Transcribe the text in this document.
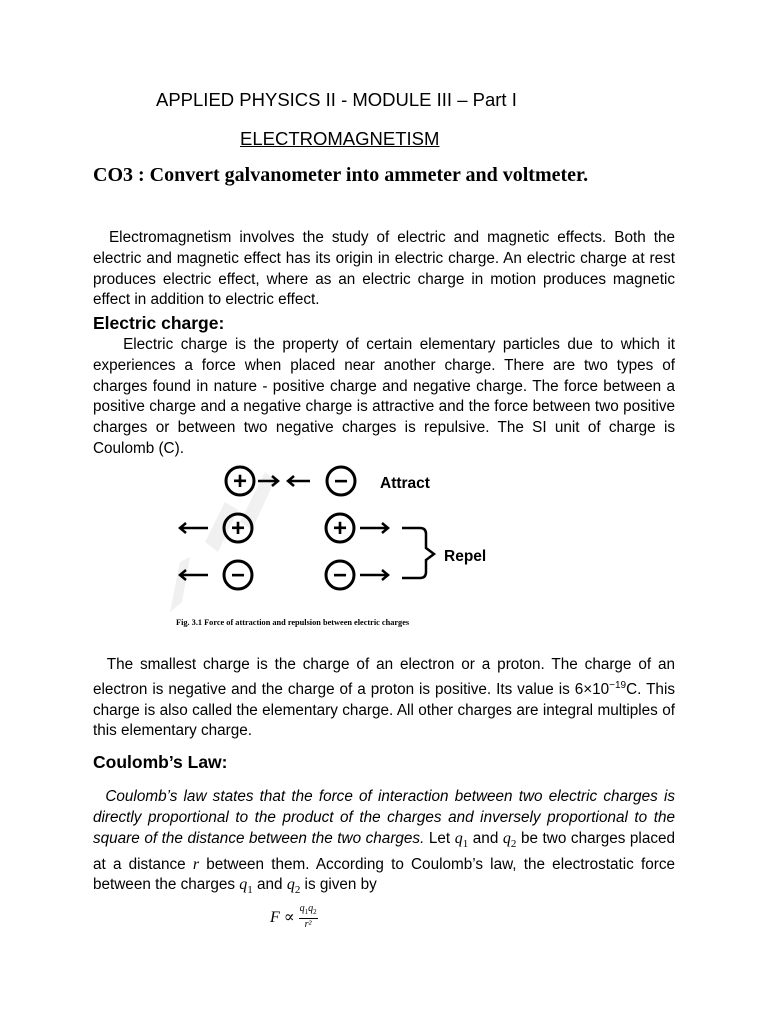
APPLIED PHYSICS II - MODULE III – Part I
ELECTROMAGNETISM
CO3 : Convert galvanometer into ammeter and voltmeter.

Electromagnetism involves the study of electric and magnetic effects. Both the electric and magnetic effect has its origin in electric charge. An electric charge at rest produces electric effect, where as an electric charge in motion produces magnetic effect in addition to electric effect.

Electric charge:

Electric charge is the property of certain elementary particles due to which it experiences a force when placed near another charge. There are two types of charges found in nature - positive charge and negative charge. The force between a positive charge and a negative charge is attractive and the force between two positive charges or between two negative charges is repulsive. The SI unit of charge is Coulomb (C).

+	− Attract
+	+
−	−
Repel
Fig. 3.1 Force of attraction and repulsion between electric charges

The smallest charge is the charge of an electron or a proton. The charge of an electron is negative and the charge of a proton is positive. Its value is $6\times 10^{-19}C$. This charge is also called the elementary charge. All other charges are integral multiples of this elementary charge.

Coulomb’s Law:

Coulomb’s law states that the force of interaction between two electric charges is directly proportional to the product of the charges and inversely proportional to the square of the distance between the two charges. Let $q_1$ and $q_2$ be two charges placed at a distance r between them. According to Coulomb’s law, the electrostatic force between the charges $q_1$ and $q_2$ is given by

$F \propto \frac{q_1q_2}{\text{r²}}$
